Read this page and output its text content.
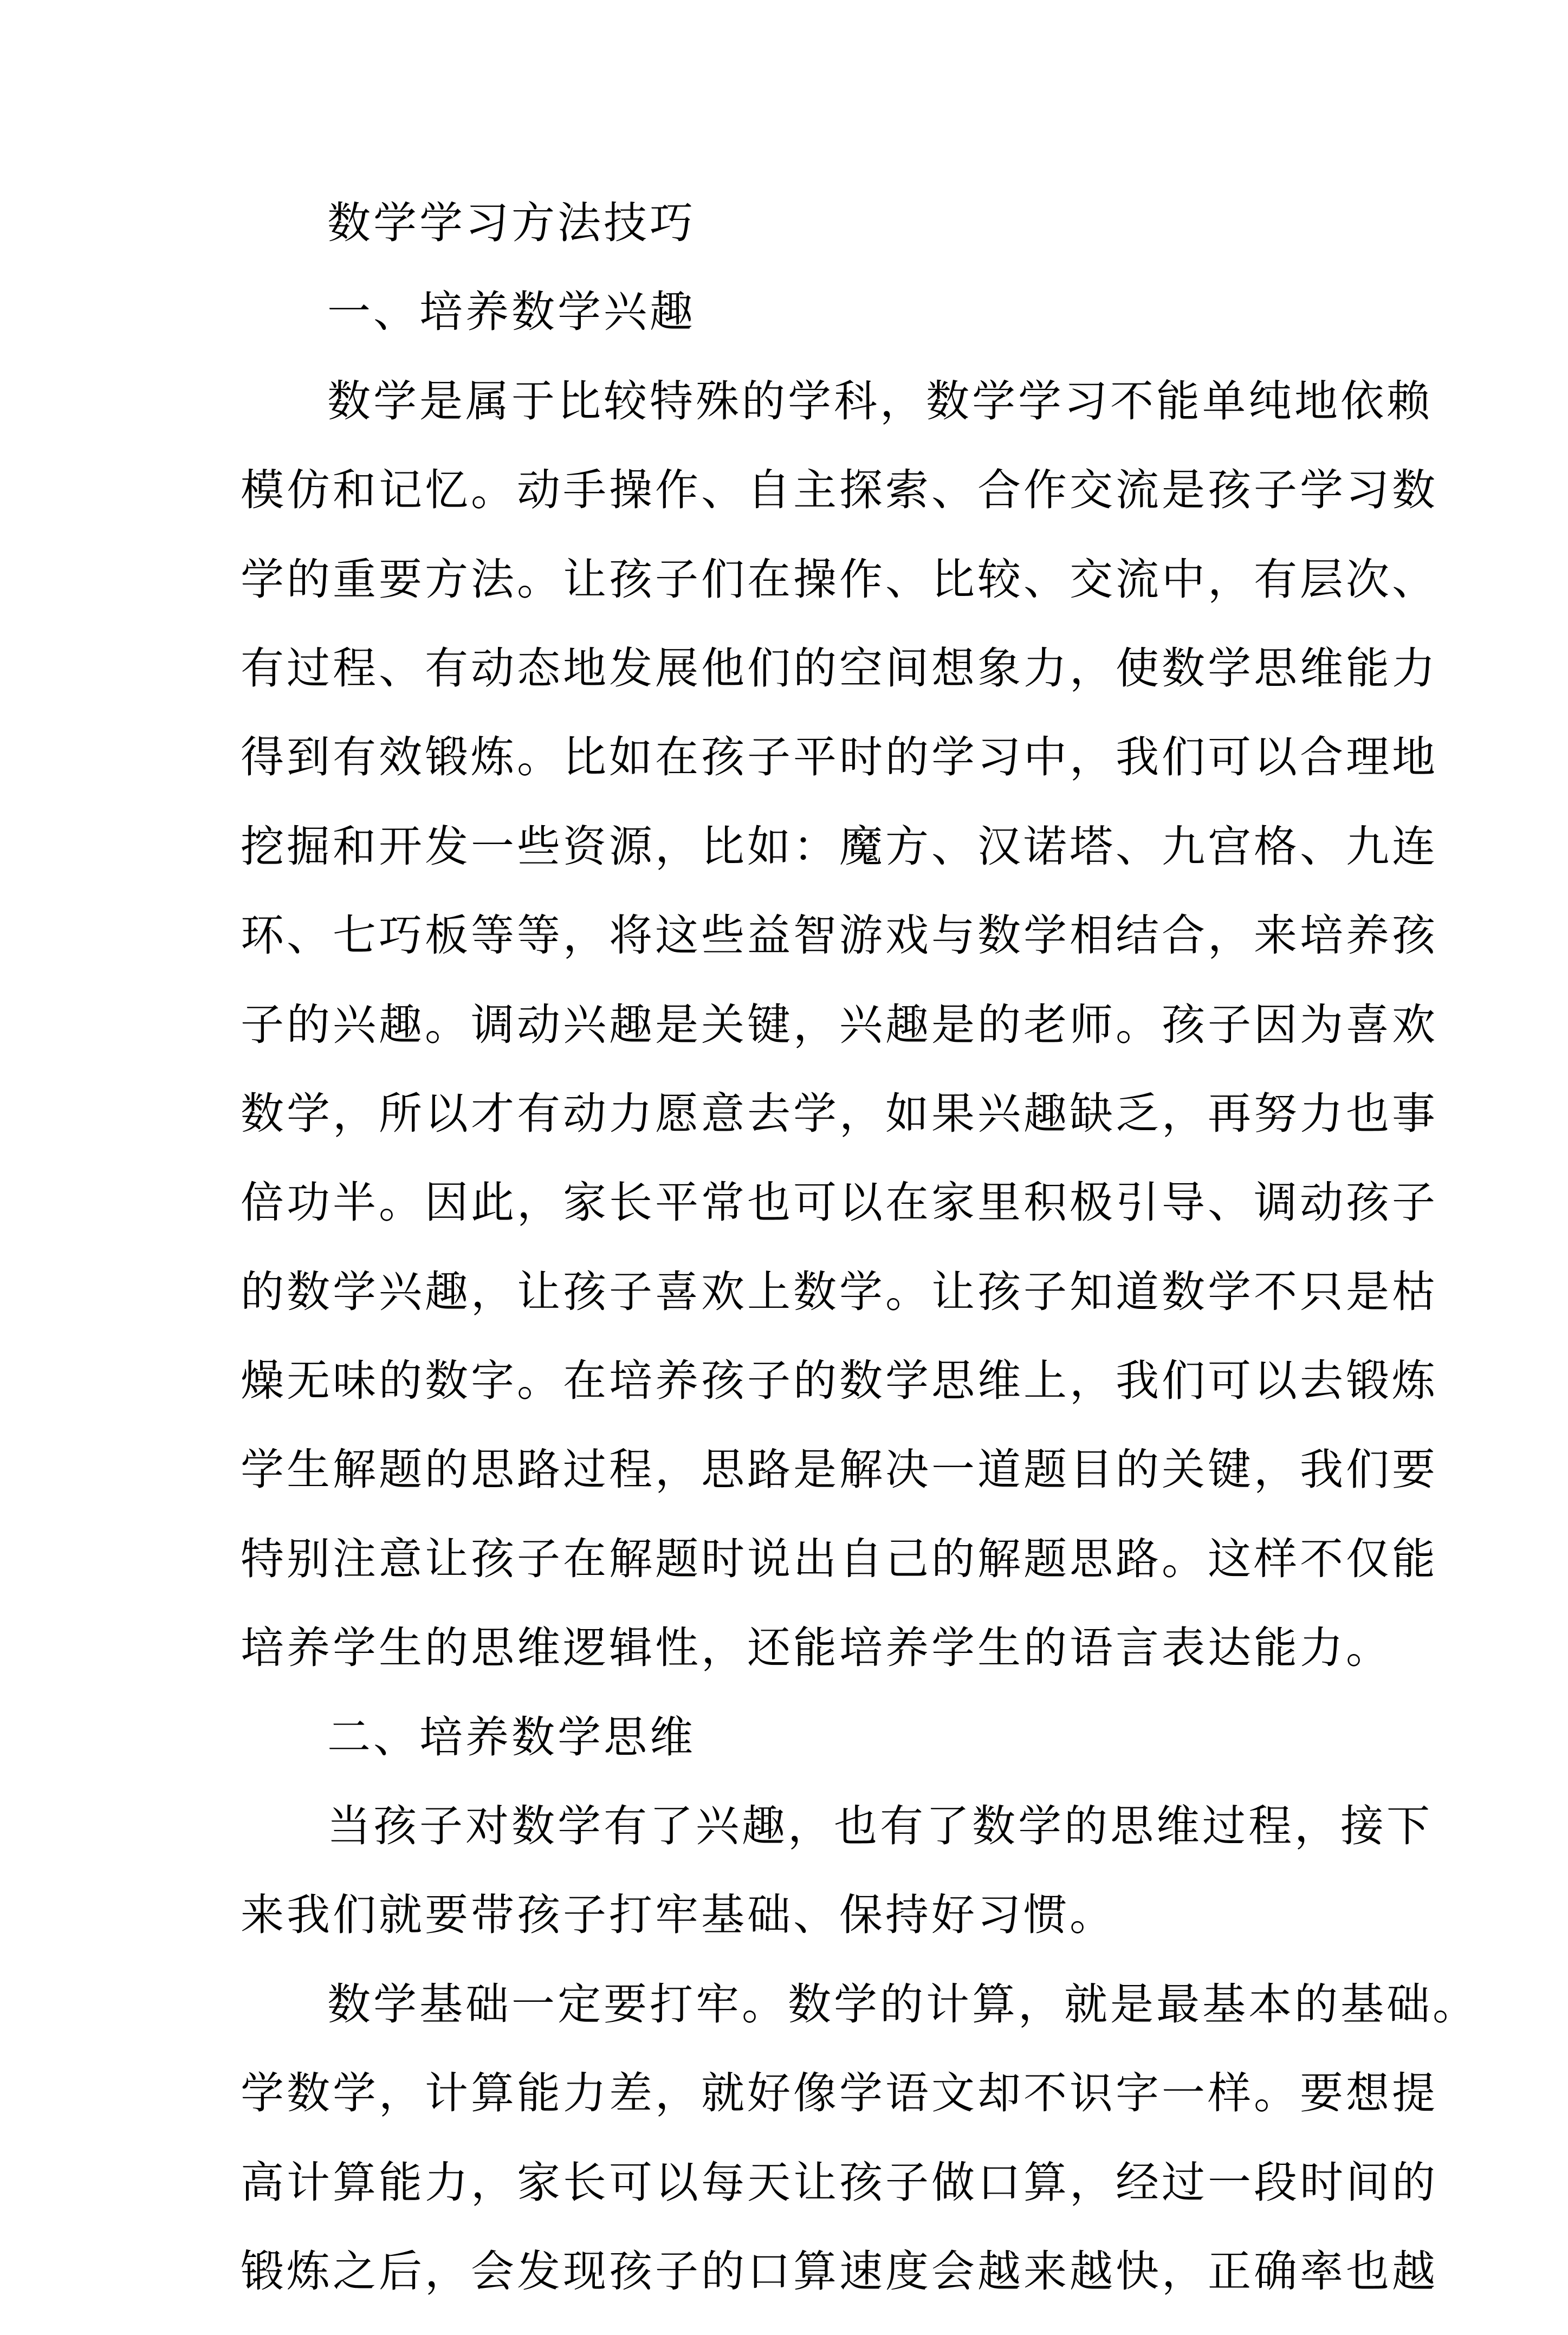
数学学习方法技巧

一、培养数学兴趣

数学是属于比较特殊的学科，数学学习不能单纯地依赖
模仿和记忆。动手操作、自主探索、合作交流是孩子学习数
学的重要方法。让孩子们在操作、比较、交流中，有层次、
有过程、有动态地发展他们的空间想象力，使数学思维能力
得到有效锻炼。比如在孩子平时的学习中，我们可以合理地
挖掘和开发一些资源，比如：魔方、汉诺塔、九宫格、九连
环、七巧板等等，将这些益智游戏与数学相结合，来培养孩
子的兴趣。调动兴趣是关键，兴趣是的老师。孩子因为喜欢
数学，所以才有动力愿意去学，如果兴趣缺乏，再努力也事
倍功半。因此，家长平常也可以在家里积极引导、调动孩子
的数学兴趣，让孩子喜欢上数学。让孩子知道数学不只是枯
燥无味的数字。在培养孩子的数学思维上，我们可以去锻炼
学生解题的思路过程，思路是解决一道题目的关键，我们要
特别注意让孩子在解题时说出自己的解题思路。这样不仅能
培养学生的思维逻辑性，还能培养学生的语言表达能力。

二、培养数学思维

当孩子对数学有了兴趣，也有了数学的思维过程，接下
来我们就要带孩子打牢基础、保持好习惯。
数学基础一定要打牢。数学的计算，就是最基本的基础。
学数学，计算能力差，就好像学语文却不识字一样。要想提
高计算能力，家长可以每天让孩子做口算，经过一段时间的
锻炼之后，会发现孩子的口算速度会越来越快，正确率也越
